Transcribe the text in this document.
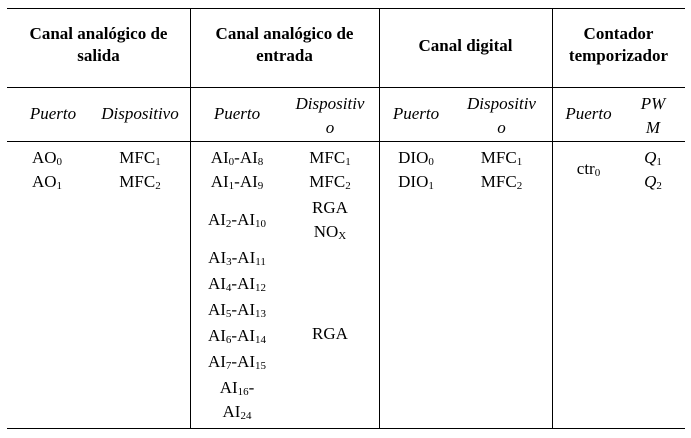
Canal analógico de
salida
Canal analógico de
entrada
Canal digital
Contador
temporizador
Puerto	Dispositivo	Puerto
Dispositiv
o
Puerto
Dispositiv
o
Puerto
PW
M
$AO_0$
$AO_1$
$MFC_1$
$MFC_2$
$AI_0-AI_8$
$AI_1-AI_9$
$AI_2-AI_{10}$
$AI_3-AI_{11}$
$AI_4-AI_{12}$
$AI_5-AI_{13}$
$AI_6-AI_{14}$
$AI_7-AI_{15}$
$AI_{16}-$
$AI_{24}$
$MFC_1$
$MFC_2$
RGA
$NO_X$
RGA
$DIO_0$
$DIO_1$
$MFC_1$
$MFC_2$
ctr$_0$
$Q_1$
$Q_2$
